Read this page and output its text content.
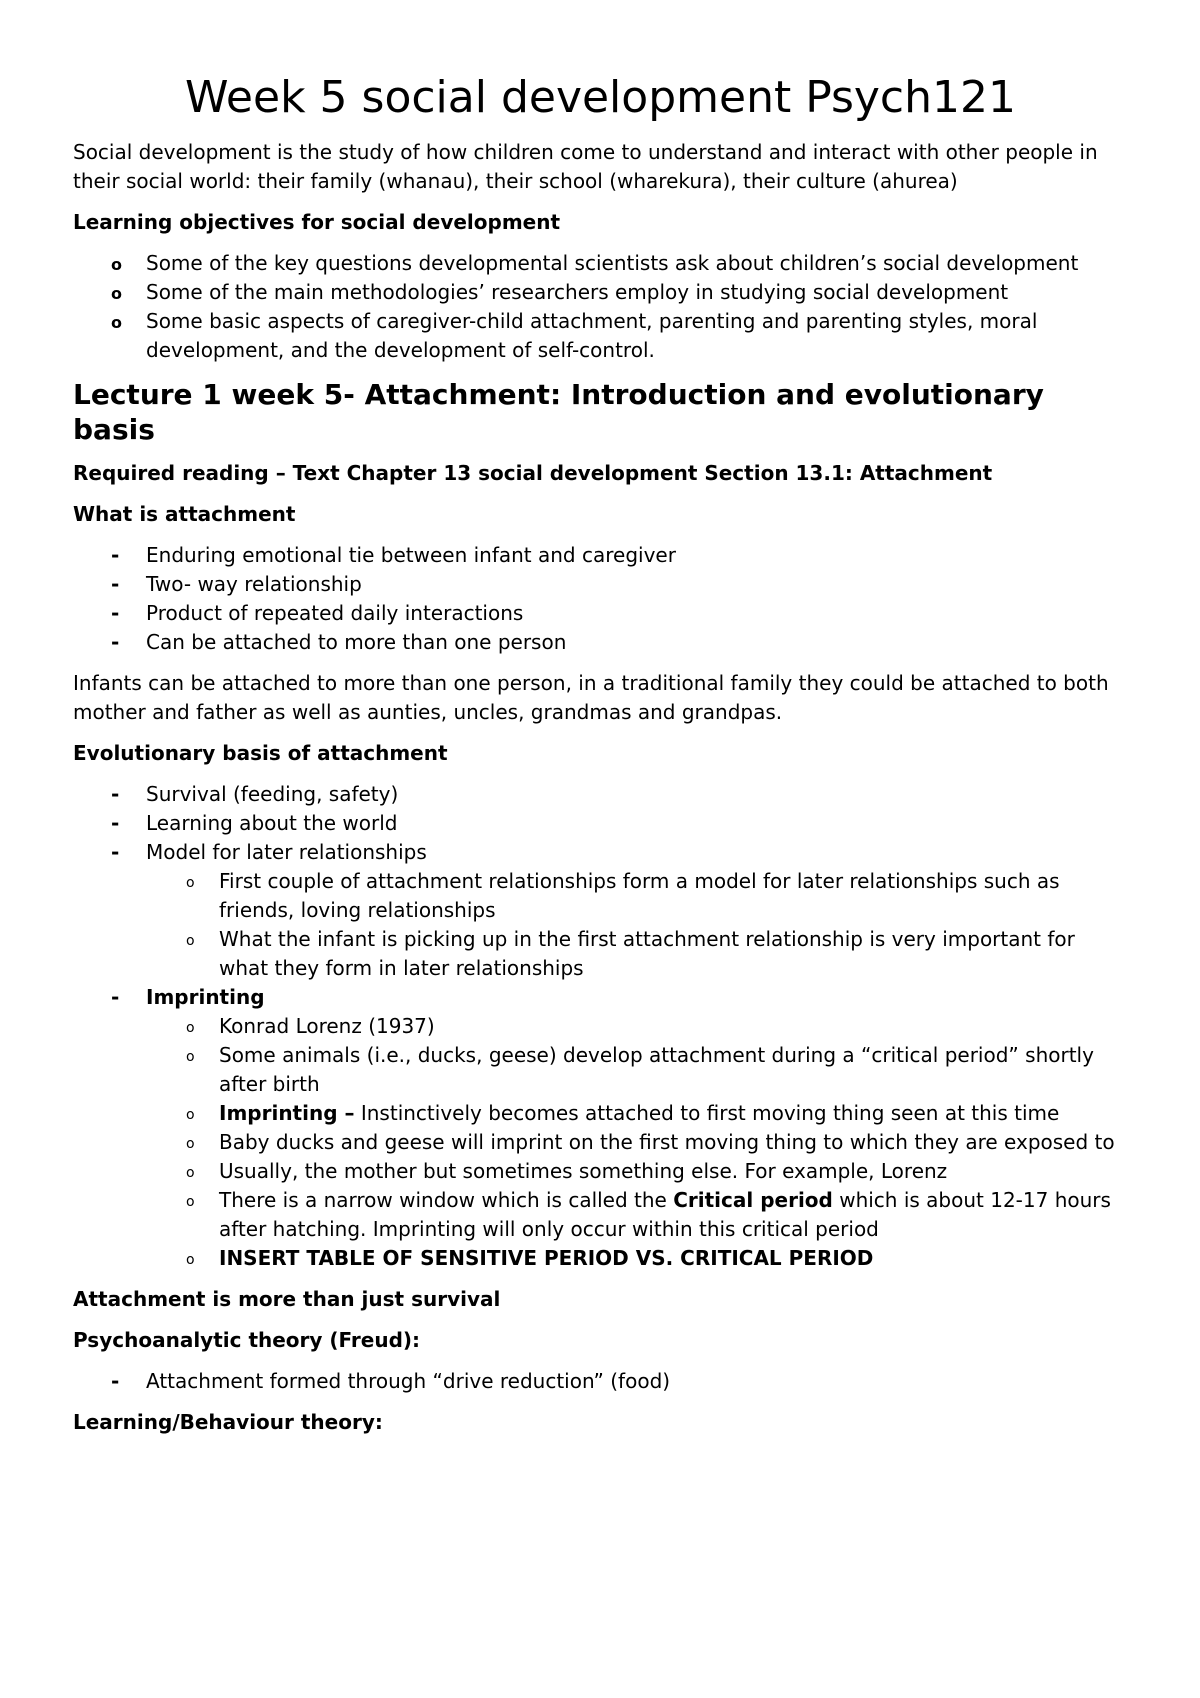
Week 5 social development Psych121

Social development is the study of how children come to understand and interact with other people in their social world: their family (whanau), their school (wharekura), their culture (ahurea)

Learning objectives for social development
o Some of the key questions developmental scientists ask about children’s social development
o Some of the main methodologies’ researchers employ in studying social development
o Some basic aspects of caregiver-child attachment, parenting and parenting styles, moral development, and the development of self-control.
Lecture 1 week 5- Attachment: Introduction and evolutionary basis
Required reading – Text Chapter 13 social development Section 13.1: Attachment
What is attachment
- Enduring emotional tie between infant and caregiver
- Two- way relationship
- Product of repeated daily interactions
- Can be attached to more than one person

Infants can be attached to more than one person, in a traditional family they could be attached to both mother and father as well as aunties, uncles, grandmas and grandpas.

Evolutionary basis of attachment
- Survival (feeding, safety)
- Learning about the world
- Model for later relationships
o First couple of attachment relationships form a model for later relationships such as friends, loving relationships
o What the infant is picking up in the first attachment relationship is very important for what they form in later relationships
- Imprinting
o Konrad Lorenz (1937)
o Some animals (i.e., ducks, geese) develop attachment during a “critical period” shortly after birth
o Imprinting – Instinctively becomes attached to first moving thing seen at this time
o Baby ducks and geese will imprint on the first moving thing to which they are exposed to
o Usually, the mother but sometimes something else. For example, Lorenz
o There is a narrow window which is called the Critical period which is about 12-17 hours after hatching. Imprinting will only occur within this critical period
o INSERT TABLE OF SENSITIVE PERIOD VS. CRITICAL PERIOD
Attachment is more than just survival
Psychoanalytic theory (Freud):
- Attachment formed through “drive reduction” (food)
Learning/Behaviour theory:
